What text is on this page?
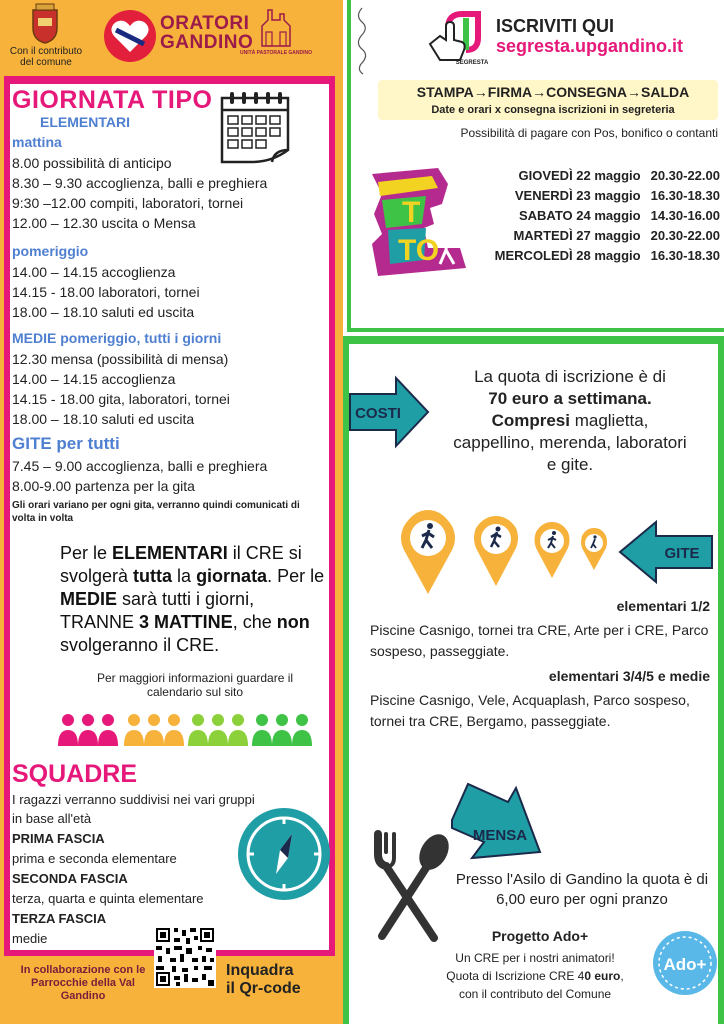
Con il contributo del comune
ORATORI
GANDINO
UNITÀ PASTORALE GANDINO
GIORNATA TIPO
ELEMENTARI
mattina
8.00 possibilità di anticipo
8.30 – 9.30 accoglienza, balli e preghiera
9:30 –12.00 compiti, laboratori, tornei
12.00 – 12.30 uscita o Mensa
pomeriggio
14.00 – 14.15 accoglienza
14.15 - 18.00 laboratori, tornei
18.00 – 18.10 saluti ed uscita
MEDIE pomeriggio, tutti i giorni
12.30 mensa (possibilità di mensa)
14.00 – 14.15 accoglienza
14.15 - 18.00 gita, laboratori, tornei
18.00 – 18.10 saluti ed uscita
GITE per tutti
7.45 – 9.00 accoglienza, balli e preghiera
8.00-9.00 partenza per la gita
Gli orari variano per ogni gita, verranno quindi comunicati di volta in volta
Per le ELEMENTARI il CRE si svolgerà tutta la giornata. Per le MEDIE sarà tutti i giorni, TRANNE 3 MATTINE, che non svolgeranno il CRE.
Per maggiori informazioni guardare il calendario sul sito
SQUADRE
I ragazzi verranno suddivisi nei vari gruppi
in base all'età
PRIMA FASCIA
prima e seconda elementare
SECONDA FASCIA
terza, quarta e quinta elementare
TERZA FASCIA
medie
In collaborazione con le Parrocchie della Val Gandino
Inquadra
il Qr-code
SEGRESTA
ISCRIVITI QUI
segresta.upgandino.it
STAMPA→FIRMA→CONSEGNA→SALDA
Date e orari x consegna iscrizioni in segreteria
Possibilità di pagare con Pos, bonifico o contanti
T
TO
GIOVEDÌ 22 maggio 20.30-22.00
VENERDÌ 23 maggio 16.30-18.30
SABATO 24 maggio 14.30-16.00
MARTEDÌ 27 maggio 20.30-22.00
MERCOLEDÌ 28 maggio 16.30-18.30
COSTI
La quota di iscrizione è di
70 euro a settimana.
Compresi maglietta,
cappellino, merenda, laboratori
e gite.
GITE
elementari 1/2
Piscine Casnigo, tornei tra CRE, Arte per i CRE, Parco sospeso, passeggiate.
elementari 3/4/5 e medie
Piscine Casnigo, Vele, Acquaplash, Parco sospeso, tornei tra CRE, Bergamo, passeggiate.
MENSA
Presso l'Asilo di Gandino la quota è di 6,00 euro per ogni pranzo
Progetto Ado+
Un CRE per i nostri animatori!
Quota di Iscrizione CRE 40 euro,
con il contributo del Comune
Ado+
